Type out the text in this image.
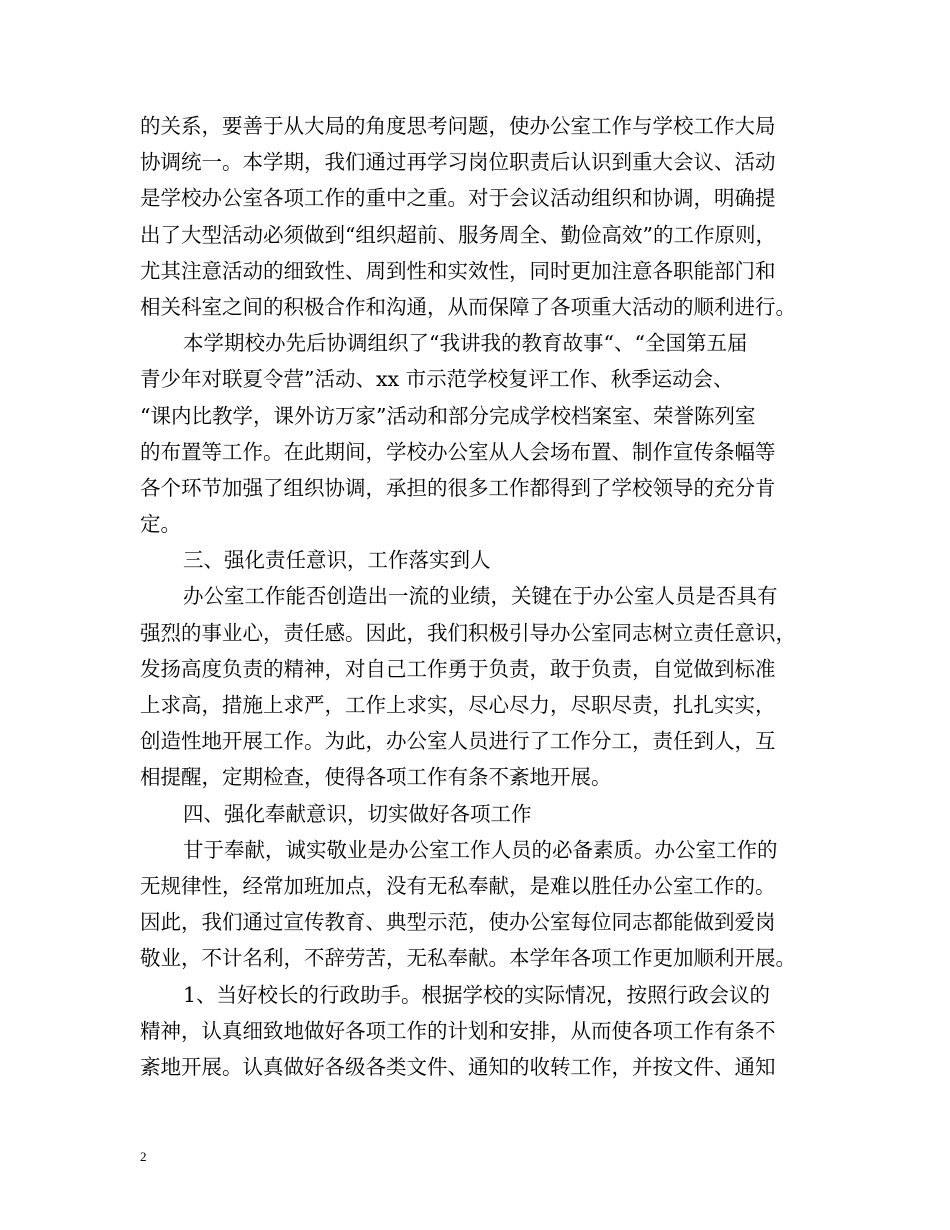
的关系，要善于从大局的角度思考问题，使办公室工作与学校工作大局
协调统一。本学期，我们通过再学习岗位职责后认识到重大会议、活动
是学校办公室各项工作的重中之重。对于会议活动组织和协调，明确提
出了大型活动必须做到“组织超前、服务周全、勤俭高效”的工作原则，
尤其注意活动的细致性、周到性和实效性，同时更加注意各职能部门和
相关科室之间的积极合作和沟通，从而保障了各项重大活动的顺利进行。
本学期校办先后协调组织了“我讲我的教育故事“、“全国第五届
青少年对联夏令营”活动、xx 市示范学校复评工作、秋季运动会、
“课内比教学，课外访万家”活动和部分完成学校档案室、荣誉陈列室
的布置等工作。在此期间，学校办公室从人会场布置、制作宣传条幅等
各个环节加强了组织协调，承担的很多工作都得到了学校领导的充分肯
定。
三、强化责任意识，工作落实到人
办公室工作能否创造出一流的业绩，关键在于办公室人员是否具有
强烈的事业心，责任感。因此，我们积极引导办公室同志树立责任意识，
发扬高度负责的精神，对自己工作勇于负责，敢于负责，自觉做到标准
上求高，措施上求严，工作上求实，尽心尽力，尽职尽责，扎扎实实，
创造性地开展工作。为此，办公室人员进行了工作分工，责任到人，互
相提醒，定期检查，使得各项工作有条不紊地开展。
四、强化奉献意识，切实做好各项工作
甘于奉献，诚实敬业是办公室工作人员的必备素质。办公室工作的
无规律性，经常加班加点，没有无私奉献，是难以胜任办公室工作的。
因此，我们通过宣传教育、典型示范，使办公室每位同志都能做到爱岗
敬业，不计名利，不辞劳苦，无私奉献。本学年各项工作更加顺利开展。
1、当好校长的行政助手。根据学校的实际情况，按照行政会议的
精神，认真细致地做好各项工作的计划和安排，从而使各项工作有条不
紊地开展。认真做好各级各类文件、通知的收转工作，并按文件、通知
2
